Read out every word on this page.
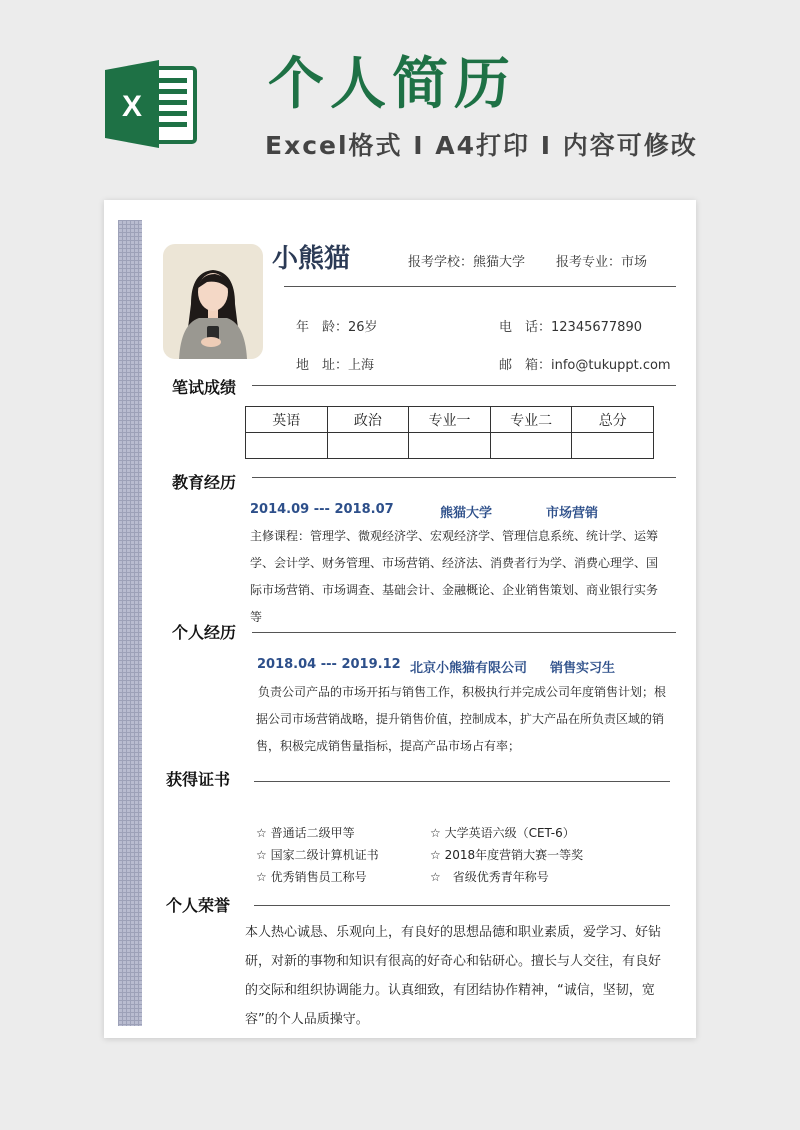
X 个人简历
Excel格式 Ⅰ A4打印 Ⅰ 内容可修改
小熊猫	报考学校：熊猫大学 报考专业：市场
年　龄：26岁	电　话：12345677890
地　址：上海	邮　箱：info@tukuppt.com
笔试成绩
英语	政治	专业一	专业二	总分

教育经历
2014.09 --- 2018.07	熊猫大学	市场营销

主修课程：管理学、微观经济学、宏观经济学、管理信息系统、统计学、运筹学、会计学、财务管理、市场营销、经济法、消费者行为学、消费心理学、国际市场营销、市场调查、基础会计、金融概论、企业销售策划、商业银行实务等

个人经历
2018.04 --- 2019.12 北京小熊猫有限公司 销售实习生

负责公司产品的市场开拓与销售工作，积极执行并完成公司年度销售计划；根据公司市场营销战略，提升销售价值，控制成本，扩大产品在所负责区域的销售，积极完成销售量指标，提高产品市场占有率；

获得证书
☆ 普通话二级甲等	☆ 大学英语六级（CET-6）
☆ 国家二级计算机证书	☆ 2018年度营销大赛一等奖
☆ 优秀销售员工称号	☆　省级优秀青年称号
个人荣誉

本人热心诚恳、乐观向上，有良好的思想品德和职业素质，爱学习、好钻研，对新的事物和知识有很高的好奇心和钻研心。擅长与人交往，有良好的交际和组织协调能力。认真细致，有团结协作精神，“诚信，坚韧，宽容”的个人品质操守。
